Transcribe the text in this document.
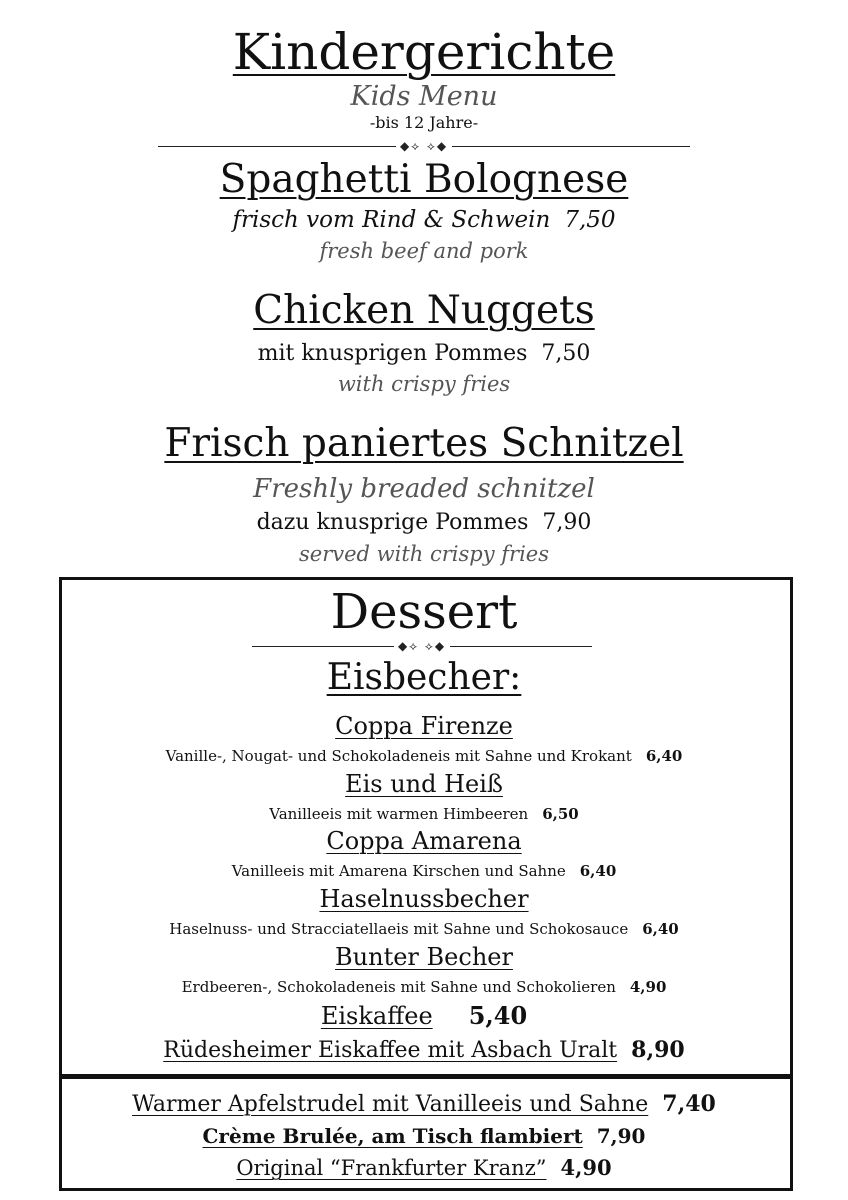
Kindergerichte
Kids Menu
-bis 12 Jahre-
◆⟡ ⟡◆
Spaghetti Bolognese
frisch vom Rind & Schwein 7,50
fresh beef and pork
Chicken Nuggets
mit knusprigen Pommes 7,50
with crispy fries
Frisch paniertes Schnitzel
Freshly breaded schnitzel
dazu knusprige Pommes 7,90
served with crispy fries
Dessert
◆⟡ ⟡◆
Eisbecher:
Coppa Firenze
Vanille-, Nougat- und Schokoladeneis mit Sahne und Krokant 6,40
Eis und Heiß
Vanilleeis mit warmen Himbeeren 6,50
Coppa Amarena
Vanilleeis mit Amarena Kirschen und Sahne 6,40
Haselnussbecher
Haselnuss- und Stracciatellaeis mit Sahne und Schokosauce 6,40
Bunter Becher
Erdbeeren-, Schokoladeneis mit Sahne und Schokolieren 4,90
Eiskaffee 5,40
Rüdesheimer Eiskaffee mit Asbach Uralt 8,90
Warmer Apfelstrudel mit Vanilleeis und Sahne 7,40
Crème Brulée, am Tisch flambiert 7,90
Original “Frankfurter Kranz” 4,90
